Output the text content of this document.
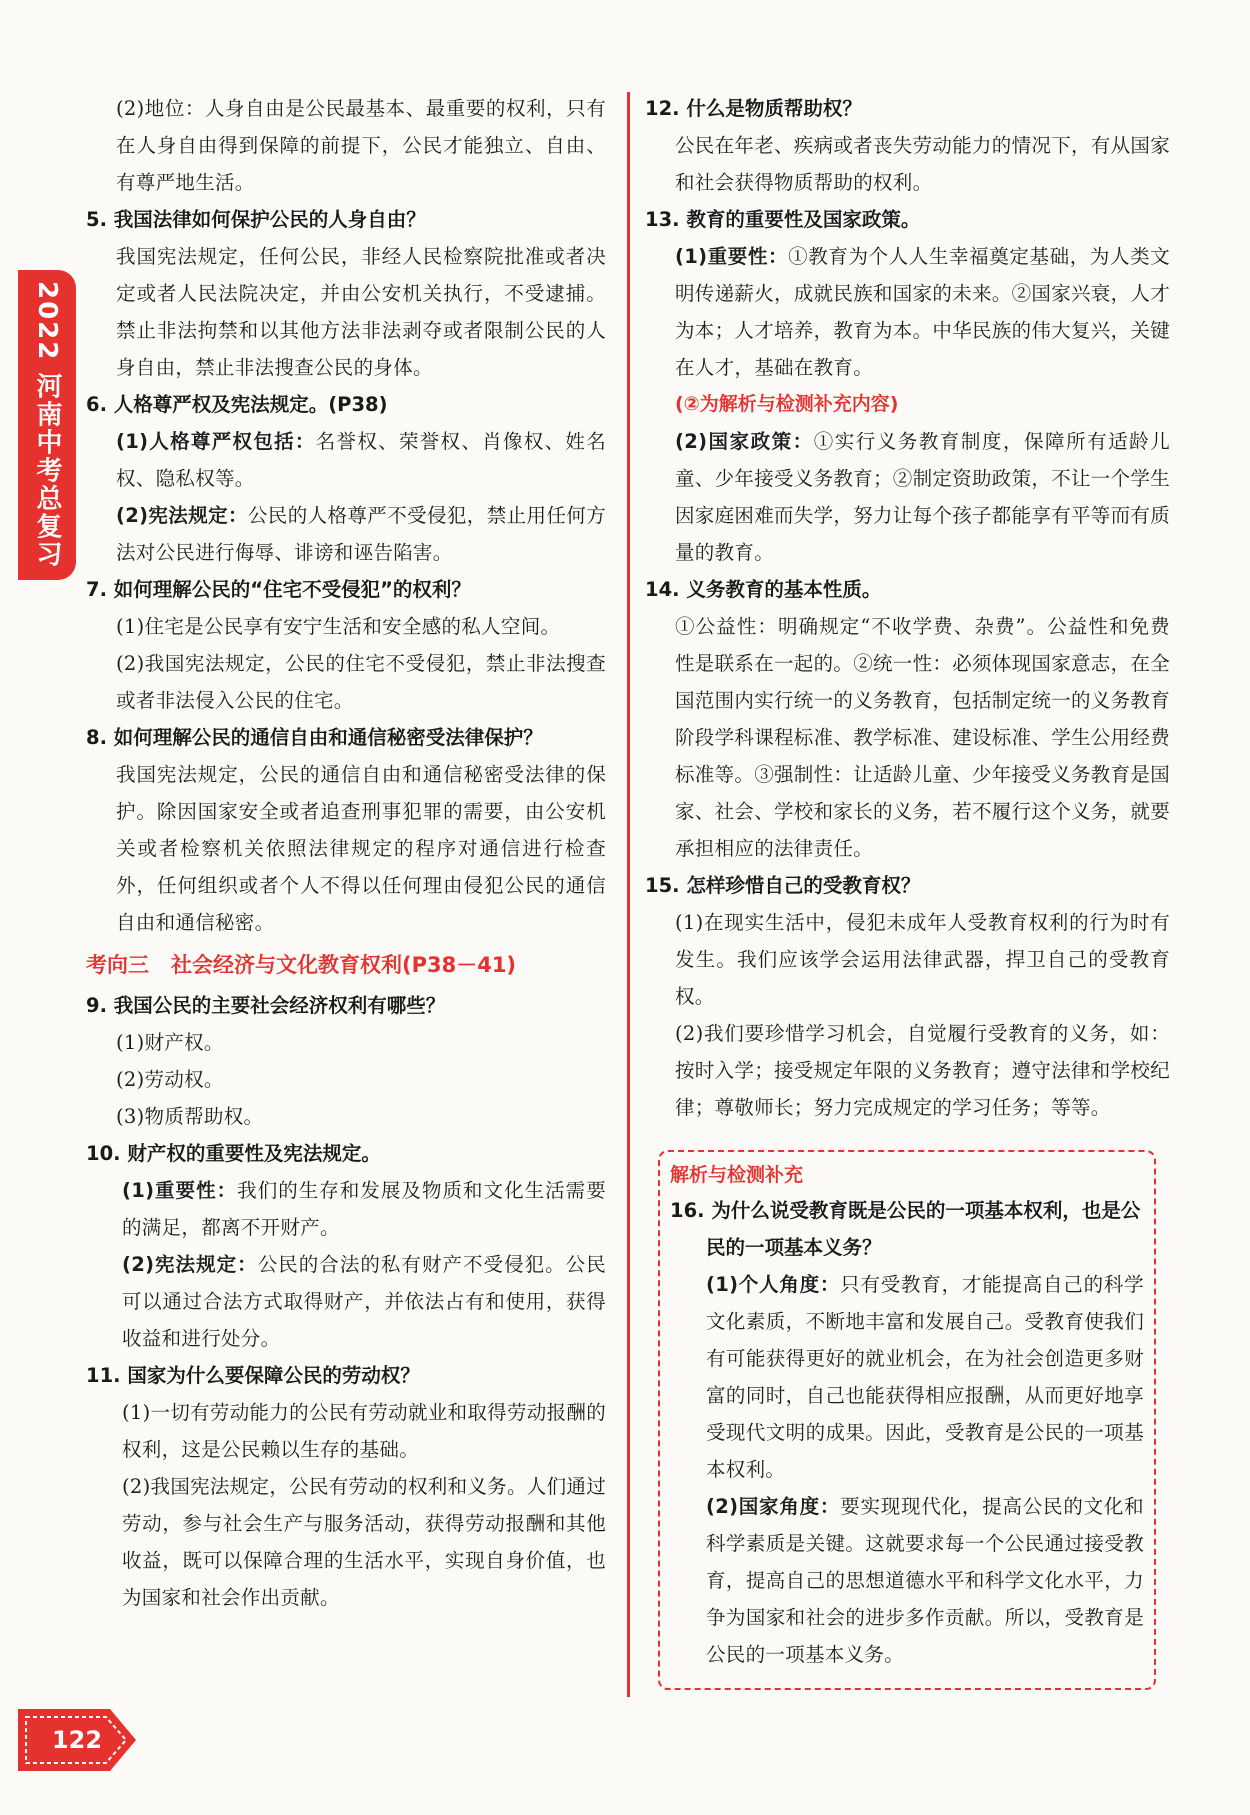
2022 河南中考总复习

(2)地位：人身自由是公民最基本、最重要的权利，只有在人身自由得到保障的前提下，公民才能独立、自由、有尊严地生活。

5. 我国法律如何保护公民的人身自由？

我国宪法规定，任何公民，非经人民检察院批准或者决定或者人民法院决定，并由公安机关执行，不受逮捕。禁止非法拘禁和以其他方法非法剥夺或者限制公民的人身自由，禁止非法搜查公民的身体。

6. 人格尊严权及宪法规定。(P38)

(1)人格尊严权包括：名誉权、荣誉权、肖像权、姓名权、隐私权等。

(2)宪法规定：公民的人格尊严不受侵犯，禁止用任何方法对公民进行侮辱、诽谤和诬告陷害。

7. 如何理解公民的“住宅不受侵犯”的权利？

(1)住宅是公民享有安宁生活和安全感的私人空间。

(2)我国宪法规定，公民的住宅不受侵犯，禁止非法搜查或者非法侵入公民的住宅。

8. 如何理解公民的通信自由和通信秘密受法律保护？

我国宪法规定，公民的通信自由和通信秘密受法律的保护。除因国家安全或者追查刑事犯罪的需要，由公安机关或者检察机关依照法律规定的程序对通信进行检查外，任何组织或者个人不得以任何理由侵犯公民的通信自由和通信秘密。

考向三 社会经济与文化教育权利(P38－41)

9. 我国公民的主要社会经济权利有哪些？

(1)财产权。

(2)劳动权。

(3)物质帮助权。

10. 财产权的重要性及宪法规定。

(1)重要性：我们的生存和发展及物质和文化生活需要的满足，都离不开财产。

(2)宪法规定：公民的合法的私有财产不受侵犯。公民可以通过合法方式取得财产，并依法占有和使用，获得收益和进行处分。

11. 国家为什么要保障公民的劳动权？

(1)一切有劳动能力的公民有劳动就业和取得劳动报酬的权利，这是公民赖以生存的基础。

(2)我国宪法规定，公民有劳动的权利和义务。人们通过劳动，参与社会生产与服务活动，获得劳动报酬和其他收益，既可以保障合理的生活水平，实现自身价值，也为国家和社会作出贡献。

12. 什么是物质帮助权？

公民在年老、疾病或者丧失劳动能力的情况下，有从国家和社会获得物质帮助的权利。

13. 教育的重要性及国家政策。

(1)重要性：①教育为个人人生幸福奠定基础，为人类文明传递薪火，成就民族和国家的未来。②国家兴衰，人才为本；人才培养，教育为本。中华民族的伟大复兴，关键在人才，基础在教育。

(②为解析与检测补充内容)

(2)国家政策：①实行义务教育制度，保障所有适龄儿童、少年接受义务教育；②制定资助政策，不让一个学生因家庭困难而失学，努力让每个孩子都能享有平等而有质量的教育。

14. 义务教育的基本性质。

①公益性：明确规定“不收学费、杂费”。公益性和免费性是联系在一起的。②统一性：必须体现国家意志，在全国范围内实行统一的义务教育，包括制定统一的义务教育阶段学科课程标准、教学标准、建设标准、学生公用经费标准等。③强制性：让适龄儿童、少年接受义务教育是国家、社会、学校和家长的义务，若不履行这个义务，就要承担相应的法律责任。

15. 怎样珍惜自己的受教育权？

(1)在现实生活中，侵犯未成年人受教育权利的行为时有发生。我们应该学会运用法律武器，捍卫自己的受教育权。

(2)我们要珍惜学习机会，自觉履行受教育的义务，如：按时入学；接受规定年限的义务教育；遵守法律和学校纪律；尊敬师长；努力完成规定的学习任务；等等。

解析与检测补充

16. 为什么说受教育既是公民的一项基本权利，也是公民的一项基本义务？

(1)个人角度：只有受教育，才能提高自己的科学文化素质，不断地丰富和发展自己。受教育使我们有可能获得更好的就业机会，在为社会创造更多财富的同时，自己也能获得相应报酬，从而更好地享受现代文明的成果。因此，受教育是公民的一项基本权利。

(2)国家角度：要实现现代化，提高公民的文化和科学素质是关键。这就要求每一个公民通过接受教育，提高自己的思想道德水平和科学文化水平，力争为国家和社会的进步多作贡献。所以，受教育是公民的一项基本义务。

122
